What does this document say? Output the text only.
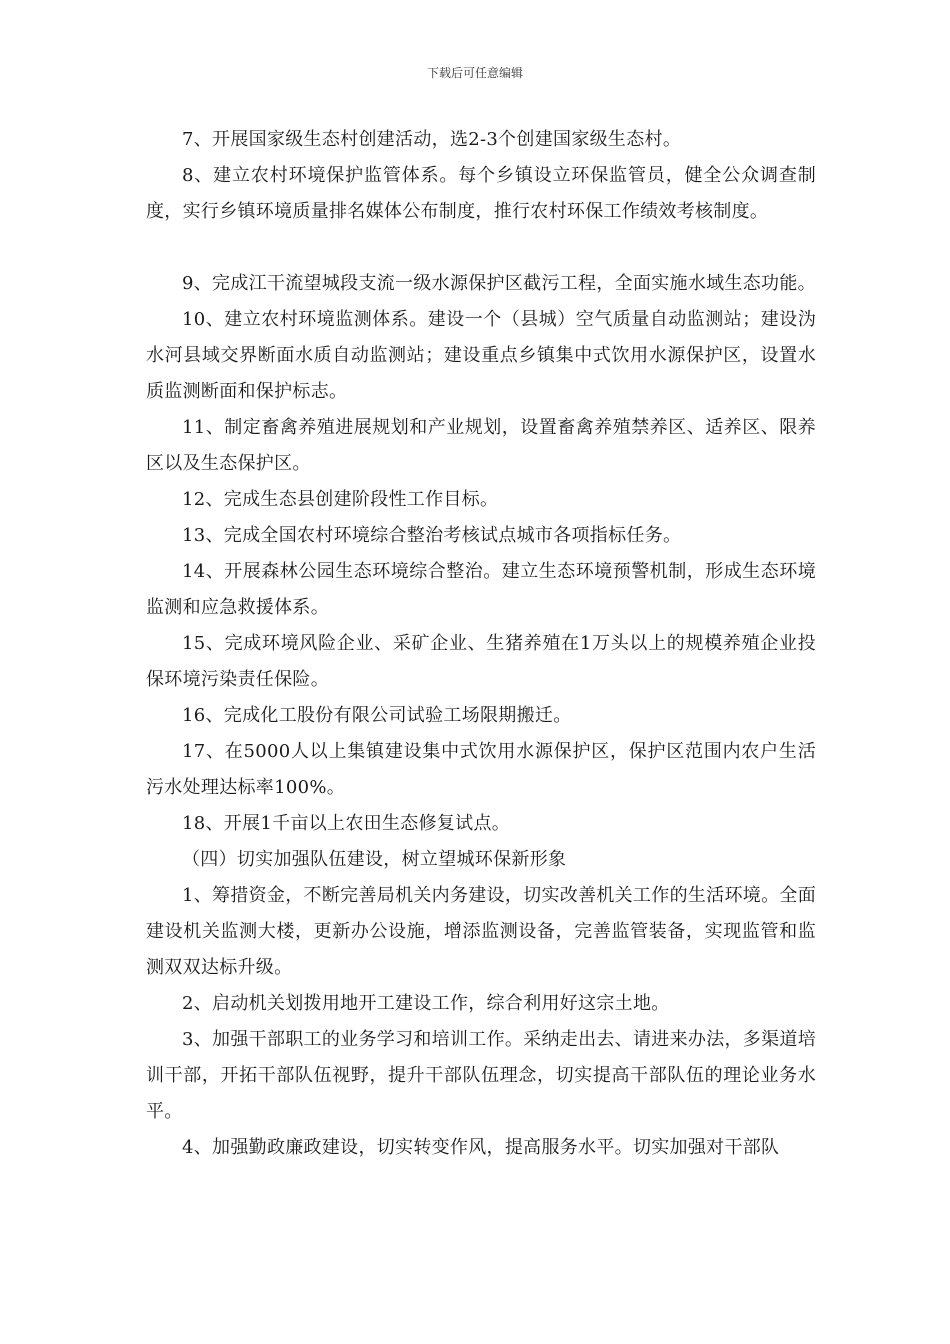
下载后可任意编辑

7、开展国家级生态村创建活动，选2-3个创建国家级生态村。

8、建立农村环境保护监管体系。每个乡镇设立环保监管员，健全公众调查制度，实行乡镇环境质量排名媒体公布制度，推行农村环保工作绩效考核制度。

9、完成江干流望城段支流一级水源保护区截污工程，全面实施水域生态功能。

10、建立农村环境监测体系。建设一个（县城）空气质量自动监测站；建设沩水河县域交界断面水质自动监测站；建设重点乡镇集中式饮用水源保护区，设置水质监测断面和保护标志。

11、制定畜禽养殖进展规划和产业规划，设置畜禽养殖禁养区、适养区、限养区以及生态保护区。

12、完成生态县创建阶段性工作目标。

13、完成全国农村环境综合整治考核试点城市各项指标任务。

14、开展森林公园生态环境综合整治。建立生态环境预警机制，形成生态环境监测和应急救援体系。

15、完成环境风险企业、采矿企业、生猪养殖在1万头以上的规模养殖企业投保环境污染责任保险。

16、完成化工股份有限公司试验工场限期搬迁。

17、在5000人以上集镇建设集中式饮用水源保护区，保护区范围内农户生活污水处理达标率100%。

18、开展1千亩以上农田生态修复试点。

（四）切实加强队伍建设，树立望城环保新形象

1、筹措资金，不断完善局机关内务建设，切实改善机关工作的生活环境。全面建设机关监测大楼，更新办公设施，增添监测设备，完善监管装备，实现监管和监测双双达标升级。

2、启动机关划拨用地开工建设工作，综合利用好这宗土地。

3、加强干部职工的业务学习和培训工作。采纳走出去、请进来办法，多渠道培训干部，开拓干部队伍视野，提升干部队伍理念，切实提高干部队伍的理论业务水平。

4、加强勤政廉政建设，切实转变作风，提高服务水平。切实加强对干部队
